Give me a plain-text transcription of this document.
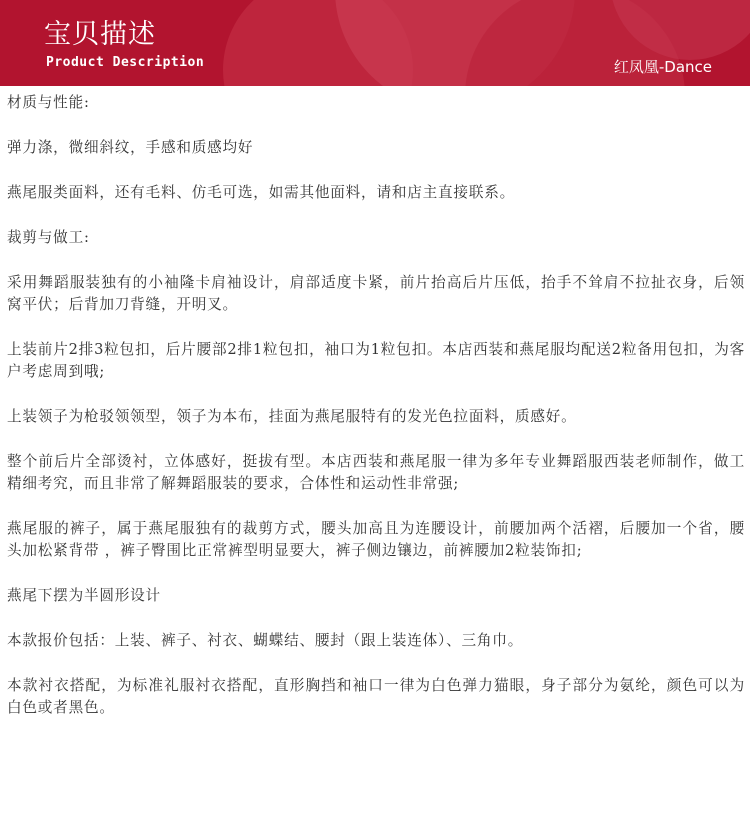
宝贝描述
Product Description	红凤凰-Dance

材质与性能:

弹力涤，微细斜纹，手感和质感均好

燕尾服类面料，还有毛料、仿毛可选，如需其他面料，请和店主直接联系。

裁剪与做工:

采用舞蹈服装独有的小袖隆卡肩袖设计，肩部适度卡紧，前片抬高后片压低，抬手不耸肩不拉扯衣身，后领窝平伏；后背加刀背缝，开明叉。

上装前片2排3粒包扣，后片腰部2排1粒包扣，袖口为1粒包扣。本店西装和燕尾服均配送2粒备用包扣，为客户考虑周到哦;

上装领子为枪驳领领型，领子为本布，挂面为燕尾服特有的发光色拉面料，质感好。

整个前后片全部烫衬，立体感好，挺拔有型。本店西装和燕尾服一律为多年专业舞蹈服西装老师制作，做工精细考究，而且非常了解舞蹈服装的要求，合体性和运动性非常强;

燕尾服的裤子，属于燕尾服独有的裁剪方式，腰头加高且为连腰设计，前腰加两个活褶，后腰加一个省，腰头加松紧背带 ，裤子臀围比正常裤型明显要大，裤子侧边镶边，前裤腰加2粒装饰扣;

燕尾下摆为半圆形设计

本款报价包括：上装、裤子、衬衣、蝴蝶结、腰封（跟上装连体）、三角巾。

本款衬衣搭配，为标准礼服衬衣搭配，直形胸挡和袖口一律为白色弹力猫眼，身子部分为氨纶，颜色可以为白色或者黑色。
